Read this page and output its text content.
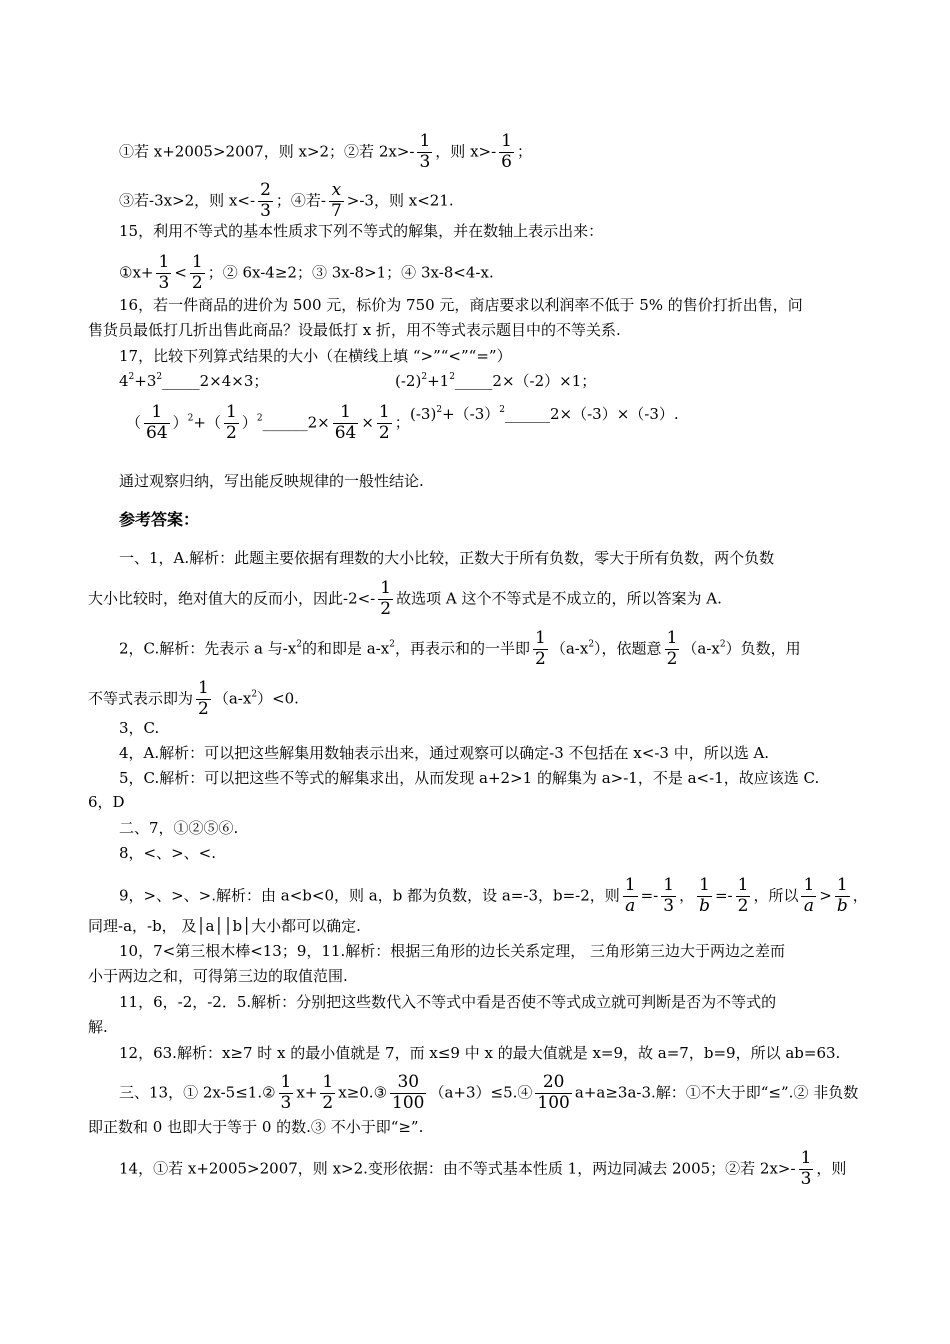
①若 x+2005>2007，则 x>2；②若 $2x>- \frac{1}{3}$ ，则 $x>- \frac{1}{6}$ ；
③若-3x>2，则 $x<- \frac{2}{3}$ ；④若- $\frac{x}{7} >-3$，则 x<21.
15，利用不等式的基本性质求下列不等式的解集，并在数轴上表示出来：
①x+ $\frac{1}{3} < \frac{1}{2}$ ；② 6x-4≥2；③ 3x-8>1；④ 3x-8<4-x.
16，若一件商品的进价为 500 元，标价为 750 元，商店要求以利润率不低于 5% 的售价打折出售，问
售货员最低打几折出售此商品？设最低打 x 折，用不等式表示题目中的不等关系.
17，比较下列算式结果的大小（在横线上填 “>”“<”“=”）
$4^2+3^2\_\_\_\_\_2\times 4\times 3$；	$(-2)^2+1^2\_\_\_\_\_2\times(-2)\times 1$；
（ $\frac{1}{64} )^2+( \frac{1}{2}$ ）$^2\_\_\_\_\_\_2\times \frac{1}{64} \times \frac{1}{2}$ ； $(-3)^2+(-3)^2\_\_\_\_\_\_2\times(-3)\times(-3)$.
通过观察归纳，写出能反映规律的一般性结论.
参考答案：
一、1，A.解析：此题主要依据有理数的大小比较，正数大于所有负数，零大于所有负数，两个负数
大小比较时，绝对值大的反而小，因此$-2<- \frac{1}{2}$ 故选项 A 这个不等式是不成立的，所以答案为 A.
2，C.解析：先表示 a 与$-x^2$的和即是 $a-x^2$，再表示和的一半即 $\frac{1}{2} (a-x^2)$，依题意 $\frac{1}{2} (a-x^2)$负数，用
不等式表示即为 $\frac{1}{2} (a-x^2)<0$.
3，C.
4，A.解析：可以把这些解集用数轴表示出来，通过观察可以确定-3 不包括在 x<-3 中，所以选 A.
5，C.解析：可以把这些不等式的解集求出，从而发现 a+2>1 的解集为 a>-1，不是 a<-1，故应该选 C.
6，D
二、7，①②⑤⑥.
8，<、>、<.
9，>、>、>.解析：由 a<b<0，则 a，b 都为负数，设 a=-3，b=-2，则 $\frac{1}{a} =- \frac{1}{3}$ ， $\frac{1}{b} =- \frac{1}{2}$ ，所以 $\frac{1}{a} > \frac{1}{b}$ ，
同理-a，-b， 及│a││b│大小都可以确定.
10，7<第三根木棒<13；9，11.解析：根据三角形的边长关系定理， 三角形第三边大于两边之差而
小于两边之和，可得第三边的取值范围.
11，6，-2，-2．5.解析：分别把这些数代入不等式中看是否使不等式成立就可判断是否为不等式的
解.
12，63.解析：x≥7 时 x 的最小值就是 7，而 x≤9 中 x 的最大值就是 x=9，故 a=7，b=9，所以 ab=63.
三、13，① 2x-5≤1.② $\frac{1}{3} x+ \frac{1}{2}$ x≥0.③ $\frac{30}{100}$ （a+3）≤5.④ $\frac{20}{100} a+a\ge 3a-3$.解：①不大于即“≤”.② 非负数
即正数和 0 也即大于等于 0 的数.③ 不小于即“≥”.
14，①若 x+2005>2007，则 x>2.变形依据：由不等式基本性质 1，两边同减去 2005；②若 $2x>- \frac{1}{3}$ ，则
